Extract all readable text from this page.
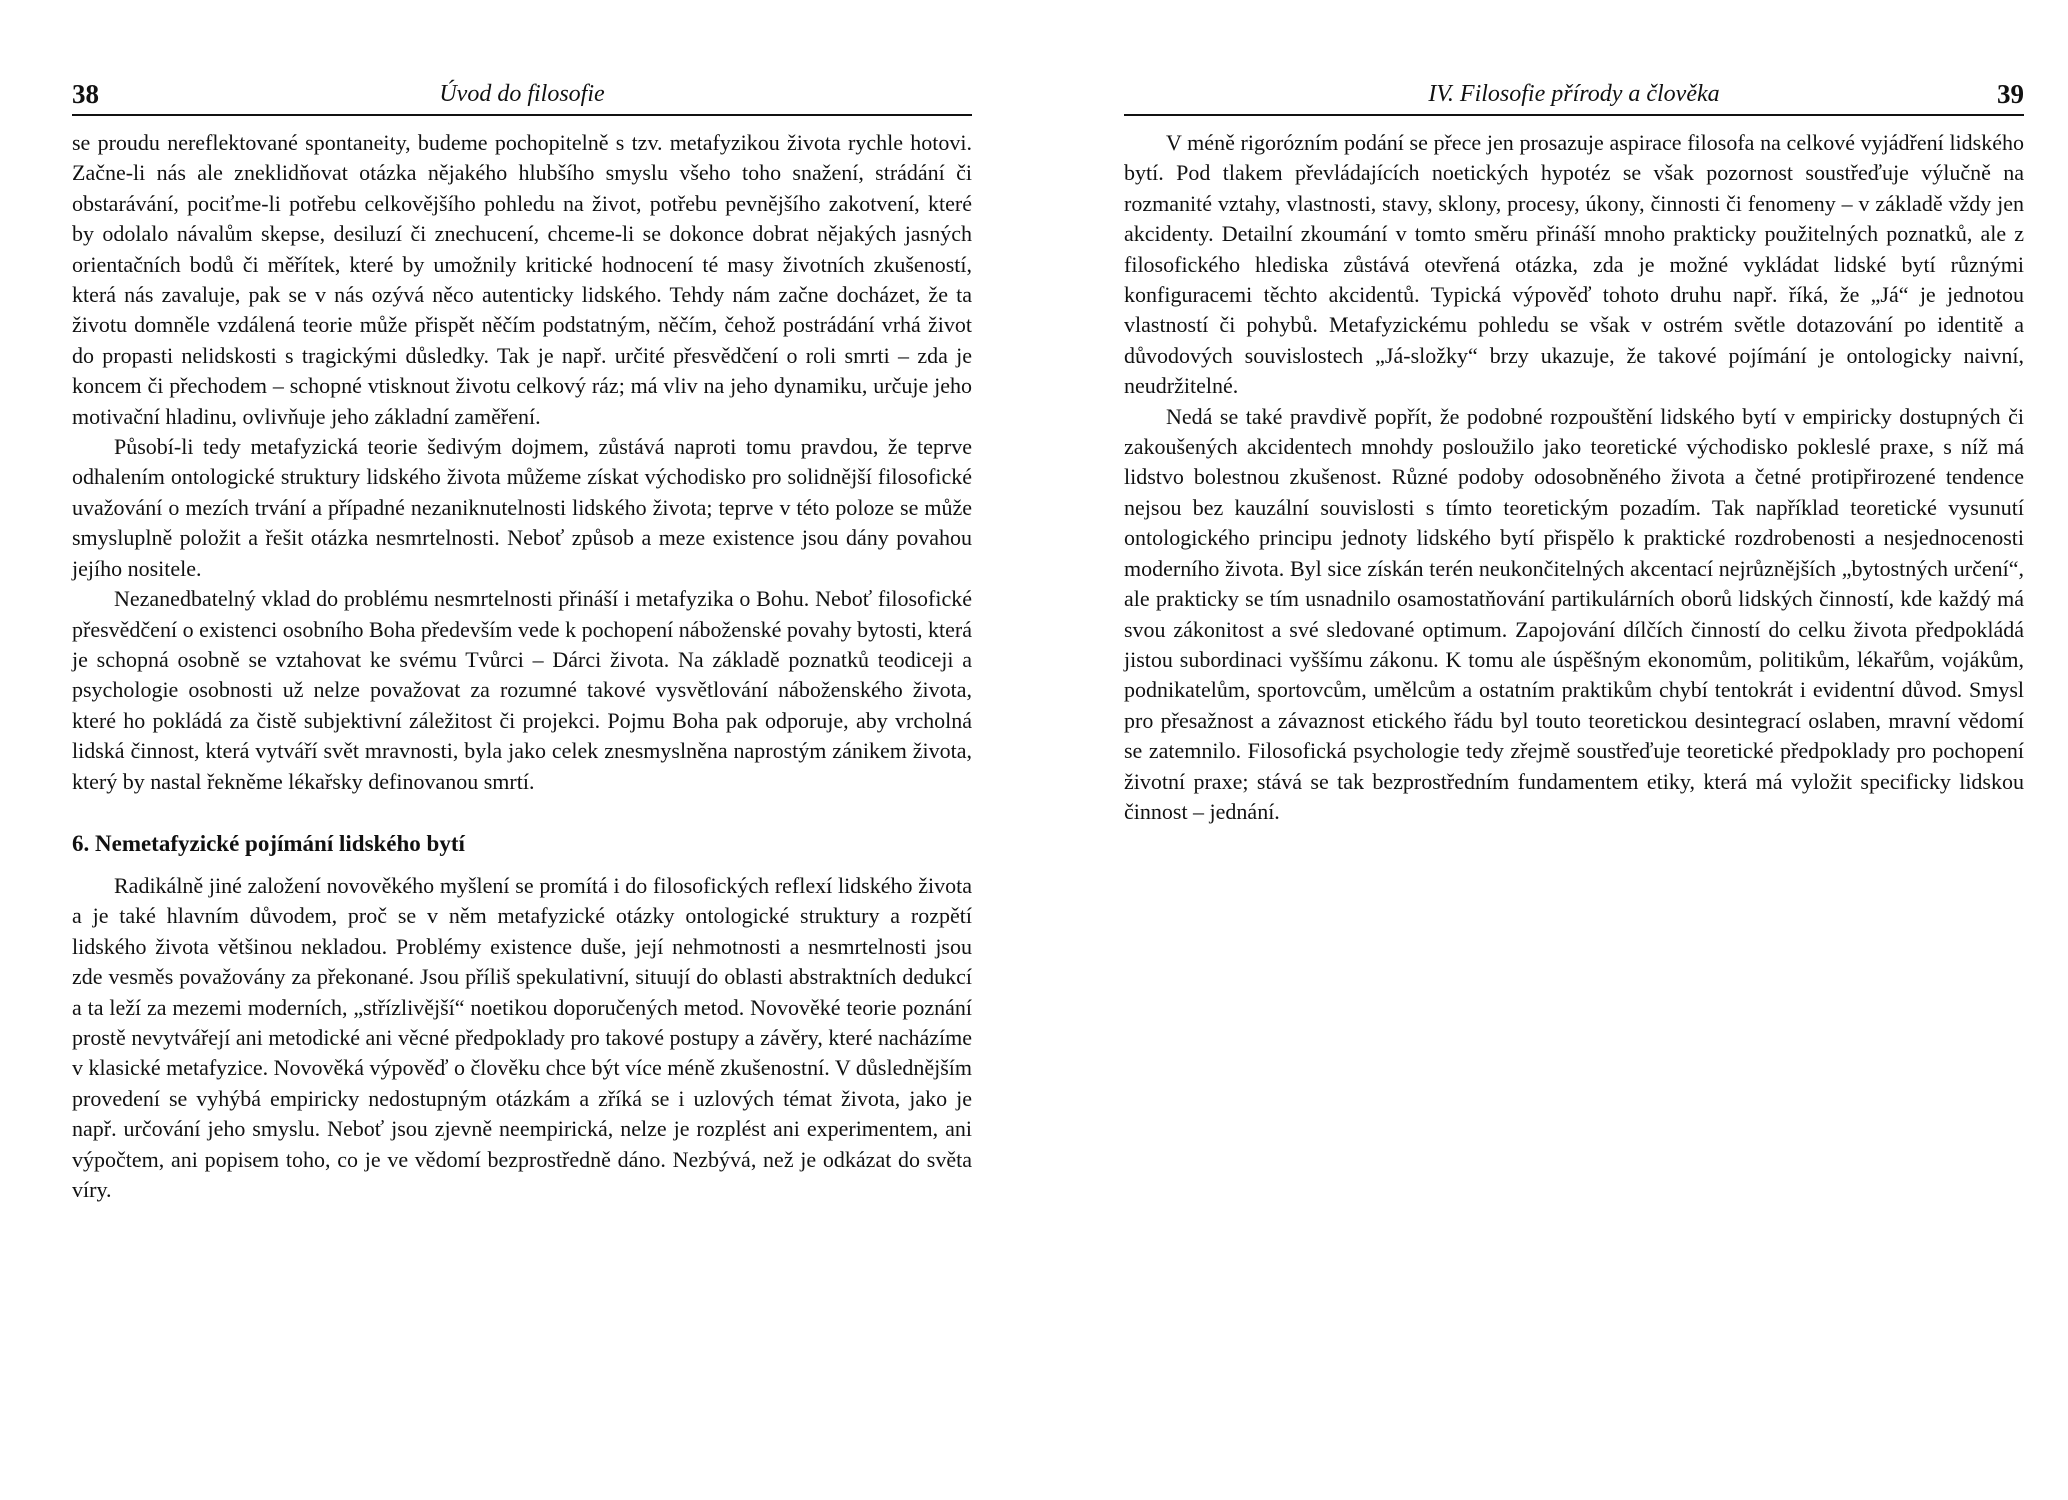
38	Úvod do filosofie

se proudu nereflektované spontaneity, budeme pochopitelně s tzv. metafyzikou života rychle hotovi. Začne-li nás ale zneklidňovat otázka nějakého hlubšího smyslu všeho toho snažení, strádání či obstarávání, pociťme-li potřebu celkovějšího pohledu na život, potřebu pevnějšího zakotvení, které by odolalo návalům skepse, desiluzí či znechucení, chceme-li se dokonce dobrat nějakých jasných orientačních bodů či měřítek, které by umožnily kritické hodnocení té masy životních zkušeností, která nás zavaluje, pak se v nás ozývá něco autenticky lidského. Tehdy nám začne docházet, že ta životu domněle vzdálená teorie může přispět něčím podstatným, něčím, čehož postrádání vrhá život do propasti nelidskosti s tragickými důsledky. Tak je např. určité přesvědčení o roli smrti – zda je koncem či přechodem – schopné vtisknout životu celkový ráz; má vliv na jeho dynamiku, určuje jeho motivační hladinu, ovlivňuje jeho základní zaměření.

Působí-li tedy metafyzická teorie šedivým dojmem, zůstává naproti tomu pravdou, že teprve odhalením ontologické struktury lidského života můžeme získat východisko pro solidnější filosofické uvažování o mezích trvání a případné nezaniknutelnosti lidského života; teprve v této poloze se může smysluplně položit a řešit otázka nesmrtelnosti. Neboť způsob a meze existence jsou dány povahou jejího nositele.

Nezanedbatelný vklad do problému nesmrtelnosti přináší i metafyzika o Bohu. Neboť filosofické přesvědčení o existenci osobního Boha především vede k pochopení náboženské povahy bytosti, která je schopná osobně se vztahovat ke svému Tvůrci – Dárci života. Na základě poznatků teodiceji a psychologie osobnosti už nelze považovat za rozumné takové vysvětlování náboženského života, které ho pokládá za čistě subjektivní záležitost či projekci. Pojmu Boha pak odporuje, aby vrcholná lidská činnost, která vytváří svět mravnosti, byla jako celek znesmyslněna naprostým zánikem života, který by nastal řekněme lékařsky definovanou smrtí.

6. Nemetafyzické pojímání lidského bytí

Radikálně jiné založení novověkého myšlení se promítá i do filosofických reflexí lidského života a je také hlavním důvodem, proč se v něm metafyzické otázky ontologické struktury a rozpětí lidského života většinou nekladou. Problémy existence duše, její nehmotnosti a nesmrtelnosti jsou zde vesměs považovány za překonané. Jsou příliš spekulativní, situují do oblasti abstraktních dedukcí a ta leží za mezemi moderních, „střízlivější“ noetikou doporučených metod. Novověké teorie poznání prostě nevytvářejí ani metodické ani věcné předpoklady pro takové postupy a závěry, které nacházíme v klasické metafyzice. Novověká výpověď o člověku chce být více méně zkušenostní. V důslednějším provedení se vyhýbá empiricky nedostupným otázkám a zříká se i uzlových témat života, jako je např. určování jeho smyslu. Neboť jsou zjevně neempirická, nelze je rozplést ani experimentem, ani výpočtem, ani popisem toho, co je ve vědomí bezprostředně dáno. Nezbývá, než je odkázat do světa víry.

IV. Filosofie přírody a člověka	39

V méně rigorózním podání se přece jen prosazuje aspirace filosofa na celkové vyjádření lidského bytí. Pod tlakem převládajících noetických hypotéz se však pozornost soustřeďuje výlučně na rozmanité vztahy, vlastnosti, stavy, sklony, procesy, úkony, činnosti či fenomeny – v základě vždy jen akcidenty. Detailní zkoumání v tomto směru přináší mnoho prakticky použitelných poznatků, ale z filosofického hlediska zůstává otevřená otázka, zda je možné vykládat lidské bytí různými konfiguracemi těchto akcidentů. Typická výpověď tohoto druhu např. říká, že „Já“ je jednotou vlastností či pohybů. Metafyzickému pohledu se však v ostrém světle dotazování po identitě a důvodových souvislostech „Já-složky“ brzy ukazuje, že takové pojímání je ontologicky naivní, neudržitelné.

Nedá se také pravdivě popřít, že podobné rozpouštění lidského bytí v empiricky dostupných či zakoušených akcidentech mnohdy posloužilo jako teoretické východisko pokleslé praxe, s níž má lidstvo bolestnou zkušenost. Různé podoby odosobněného života a četné protipřirozené tendence nejsou bez kauzální souvislosti s tímto teoretickým pozadím. Tak například teoretické vysunutí ontologického principu jednoty lidského bytí přispělo k praktické rozdrobenosti a nesjednocenosti moderního života. Byl sice získán terén neukončitelných akcentací nejrůznějších „bytostných určení“, ale prakticky se tím usnadnilo osamostatňování partikulárních oborů lidských činností, kde každý má svou zákonitost a své sledované optimum. Zapojování dílčích činností do celku života předpokládá jistou subordinaci vyššímu zákonu. K tomu ale úspěšným ekonomům, politikům, lékařům, vojákům, podnikatelům, sportovcům, umělcům a ostatním praktikům chybí tentokrát i evidentní důvod. Smysl pro přesažnost a závaznost etického řádu byl touto teoretickou desintegrací oslaben, mravní vědomí se zatemnilo. Filosofická psychologie tedy zřejmě soustřeďuje teoretické předpoklady pro pochopení životní praxe; stává se tak bezprostředním fundamentem etiky, která má vyložit specificky lidskou činnost – jednání.
